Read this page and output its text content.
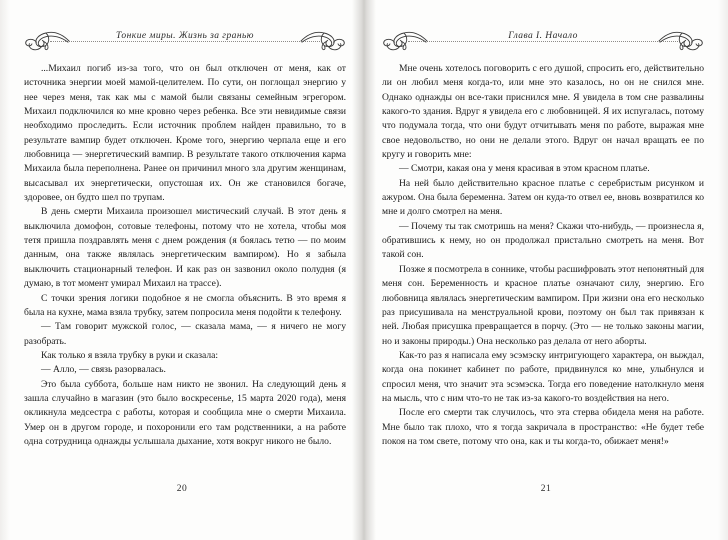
Тонкие миры. Жизнь за гранью

...Михаил погиб из-за того, что он был отключен от меня, как от источника энергии моей мамой-целителем. По сути, он поглощал энергию у нее через меня, так как мы с мамой были связаны семейным эгрегором. Михаил подключился ко мне кровно через ребенка. Все эти невидимые связи необходимо проследить. Если источник проблем найден правильно, то в результате вампир будет отключен. Кроме того, энергию черпала еще и его любовница — энергетический вампир. В результате такого отключения карма Михаила была переполнена. Ранее он причинил много зла другим женщинам, высасывал их энергетически, опустошая их. Он же становился богаче, здоровее, он будто шел по трупам.

В день смерти Михаила произошел мистический случай. В этот день я выключила домофон, сотовые телефоны, потому что не хотела, чтобы моя тетя пришла поздравлять меня с днем рождения (я боялась тетю — по моим данным, она также являлась энергетическим вампиром). Но я забыла выключить стационарный телефон. И как раз он зазвонил около полудня (я думаю, в тот момент умирал Михаил на трассе).

С точки зрения логики подобное я не смогла объяснить. В это время я была на кухне, мама взяла трубку, затем попросила меня подойти к телефону.

— Там говорит мужской голос, — сказала мама, — я ничего не могу разобрать.

Как только я взяла трубку в руки и сказала:

— Алло, — связь разорвалась.

Это была суббота, больше нам никто не звонил. На следующий день я зашла случайно в магазин (это было воскресенье, 15 марта 2020 года), меня окликнула медсестра с работы, которая и сообщила мне о смерти Михаила. Умер он в другом городе, и похоронили его там родственники, а на работе одна сотрудница однажды услышала дыхание, хотя вокруг никого не было.

20
Глава I. Начало

Мне очень хотелось поговорить с его душой, спросить его, действительно ли он любил меня когда-то, или мне это казалось, но он не снился мне. Однако однажды он все-таки приснился мне. Я увидела в том сне развалины какого-то здания. Вдруг я увидела его с любовницей. Я их испугалась, потому что подумала тогда, что они будут отчитывать меня по работе, выражая мне свое недовольство, но они не делали этого. Вдруг он начал вращать ее по кругу и говорить мне:

— Смотри, какая она у меня красивая в этом красном платье.

На ней было действительно красное платье с серебристым рисунком и ажуром. Она была беременна. Затем он куда-то отвел ее, вновь возвратился ко мне и долго смотрел на меня.

— Почему ты так смотришь на меня? Скажи что-нибудь, — произнесла я, обратившись к нему, но он продолжал пристально смотреть на меня. Вот такой сон.

Позже я посмотрела в соннике, чтобы расшифровать этот непонятный для меня сон. Беременность и красное платье означают силу, энергию. Его любовница являлась энергетическим вампиром. При жизни она его несколько раз присушивала на менструальной крови, поэтому он был так привязан к ней. Любая присушка превращается в порчу. (Это — не только законы магии, но и законы природы.) Она несколько раз делала от него аборты.

Как-то раз я написала ему эсэмэску интригующего характера, он выждал, когда она покинет кабинет по работе, придвинулся ко мне, улыбнулся и спросил меня, что значит эта эсэмэска. Тогда его поведение натолкнуло меня на мысль, что с ним что-то не так из-за какого-то воздействия на него.

После его смерти так случилось, что эта стерва обидела меня на работе. Мне было так плохо, что я тогда закричала в пространство: «Не будет тебе покоя на том свете, потому что она, как и ты когда-то, обижает меня!»

21
